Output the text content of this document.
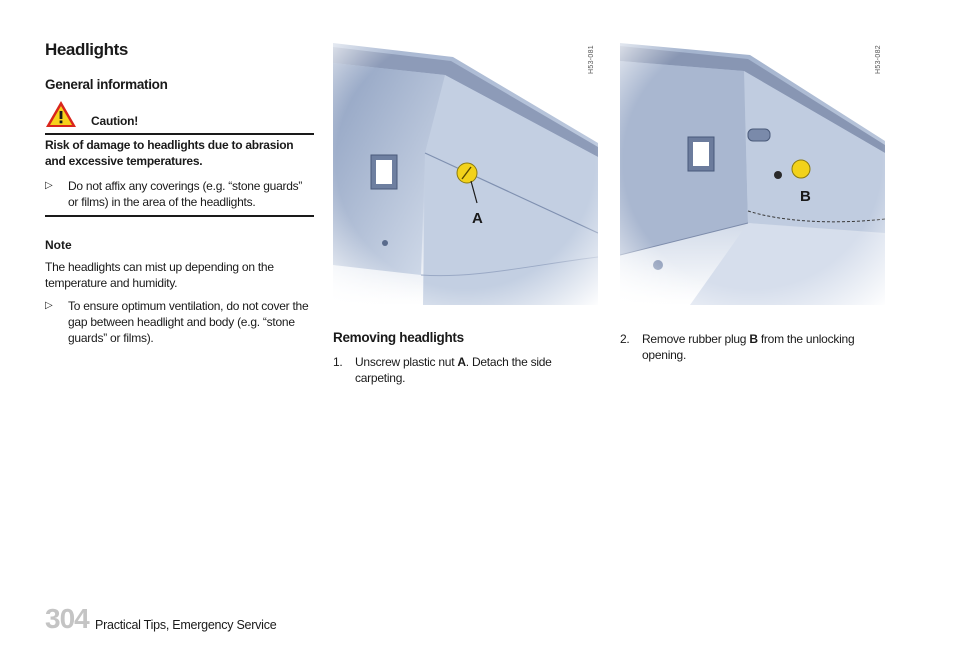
Headlights
General information
Caution!
Risk of damage to headlights due to abrasion and excessive temperatures.
▷	Do not affix any coverings (e.g. “stone guards” or films) in the area of the headlights.
Note
The headlights can mist up depending on the temperature and humidity.
▷	To ensure optimum ventilation, do not cover the gap between headlight and body (e.g. “stone guards” or films).
H53-081
Removing headlights
1.	Unscrew plastic nut A. Detach the side carpeting.
H53-082
2.	Remove rubber plug B from the unlocking opening.
304 Practical Tips, Emergency Service
